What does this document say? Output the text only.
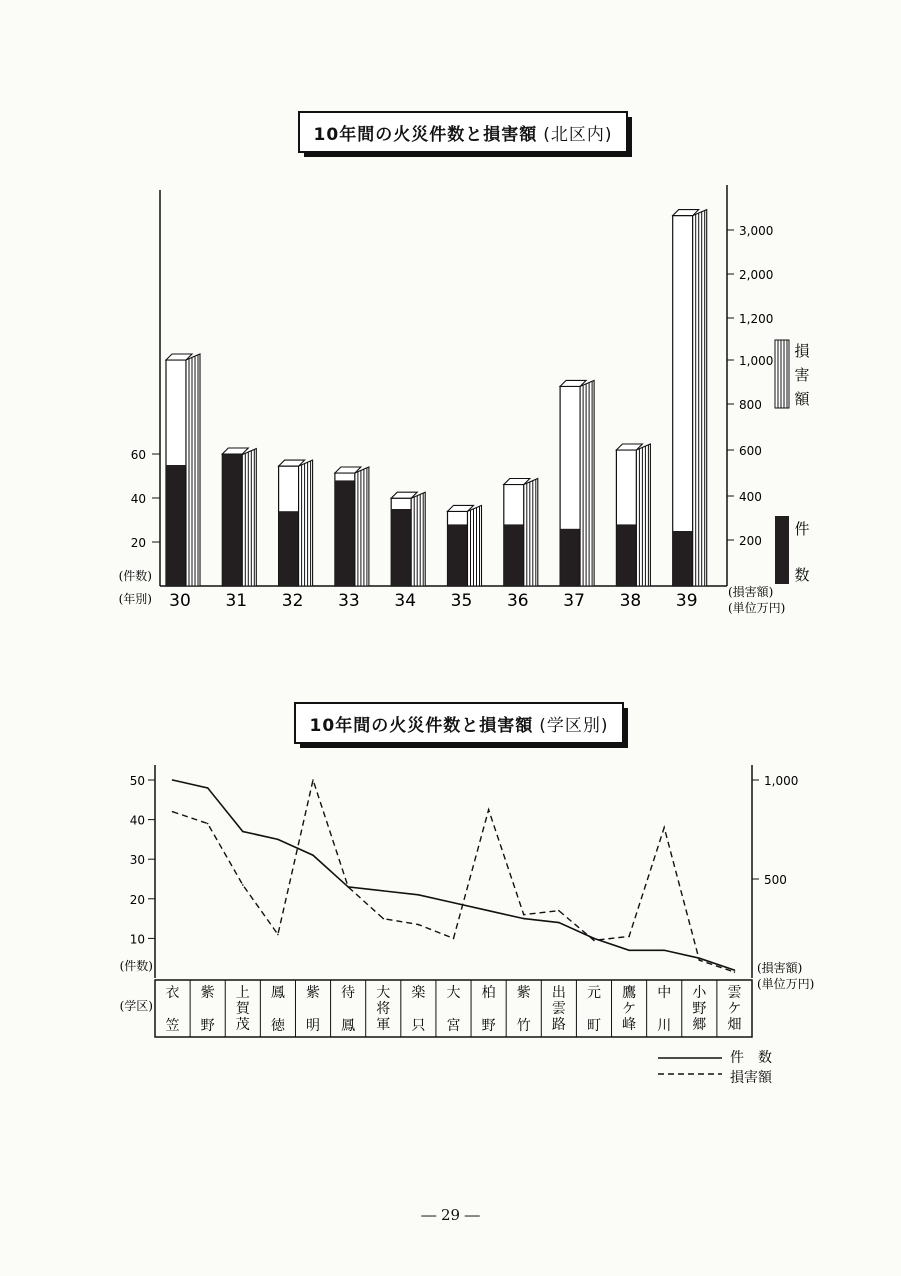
10年間の火災件数と損害額 (北区内)
10年間の火災件数と損害額 (学区別)
20
40
60
200
400
600
800
1,000
1,200
2,000
3,000
(件数)
(年別)	(損害額)
(単位万円)
30 31 32 33 34 35 36 37 38 39
損
害
額
件
数
10
20
30
40
50
500
1,000
(件数)
(学区)
(損害額)
(単位万円)
衣
笠
紫
野
上
賀
茂
鳳
徳
紫
明
待
鳳
大
将
軍
楽
只
大
宮
柏
野
紫
竹
出
雲
路
元
町
鷹
ケ
峰
中
川
小
野
郷
雲
ケ
畑
件　数
損害額
― 29 ―
